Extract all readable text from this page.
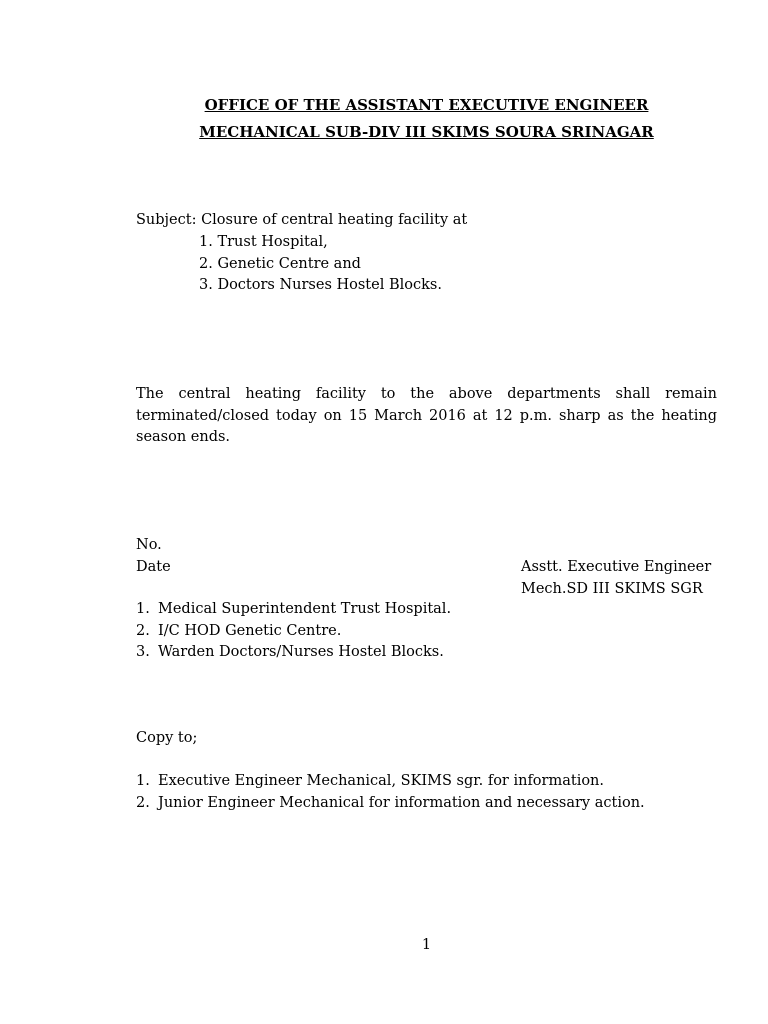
OFFICE OF THE ASSISTANT EXECUTIVE ENGINEER
MECHANICAL SUB-DIV III SKIMS SOURA SRINAGAR
Subject: Closure of central heating facility at
1. Trust Hospital,
2. Genetic Centre and
3. Doctors Nurses Hostel Blocks.
The central heating facility to the above departments shall remain terminated/closed today on 15 March 2016 at 12 p.m. sharp as the heating season ends.
No.
Date	Asstt. Executive Engineer
Mech.SD III SKIMS SGR
1. Medical Superintendent Trust Hospital.
2. I/C HOD Genetic Centre.
3. Warden Doctors/Nurses Hostel Blocks.
Copy to;
1. Executive Engineer Mechanical, SKIMS sgr. for information.
2. Junior Engineer Mechanical for information and necessary action.
1
